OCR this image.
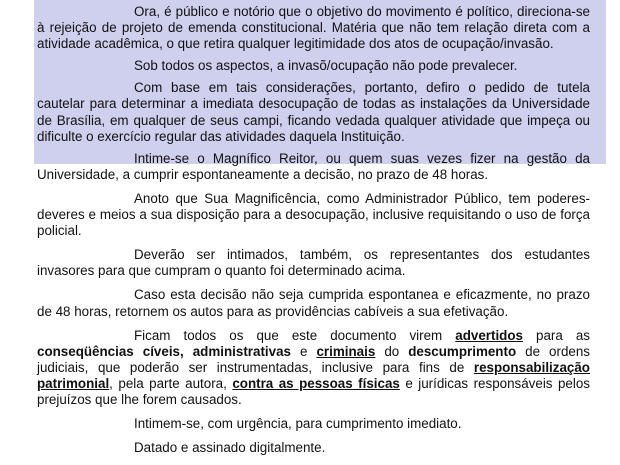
Ora, é público e notório que o objetivo do movimento é político, direciona-se à rejeição de projeto de emenda constitucional. Matéria que não tem relação direta com a atividade acadêmica, o que retira qualquer legitimidade dos atos de ocupação/invasão.

Sob todos os aspectos, a invasõ/ocupação não pode prevalecer.

Com base em tais considerações, portanto, defiro o pedido de tutela cautelar para determinar a imediata desocupação de todas as instalações da Universidade de Brasília, em qualquer de seus campi, ficando vedada qualquer atividade que impeça ou dificulte o exercício regular das atividades daquela Instituição.

Intime-se o Magnífico Reitor, ou quem suas vezes fizer na gestão da Universidade, a cumprir espontaneamente a decisão, no prazo de 48 horas.

Anoto que Sua Magnificência, como Administrador Público, tem poderes-deveres e meios a sua disposição para a desocupação, inclusive requisitando o uso de força policial.

Deverão ser intimados, também, os representantes dos estudantes invasores para que cumpram o quanto foi determinado acima.

Caso esta decisão não seja cumprida espontanea e eficazmente, no prazo de 48 horas, retornem os autos para as providências cabíveis a sua efetivação.

Ficam todos os que este documento virem advertidos para as conseqüências cíveis, administrativas e criminais do descumprimento de ordens judiciais, que poderão ser instrumentadas, inclusive para fins de responsabilização patrimonial, pela parte autora, contra as pessoas físicas e jurídicas responsáveis pelos prejuízos que lhe forem causados.

Intimem-se, com urgência, para cumprimento imediato.

Datado e assinado digitalmente.
